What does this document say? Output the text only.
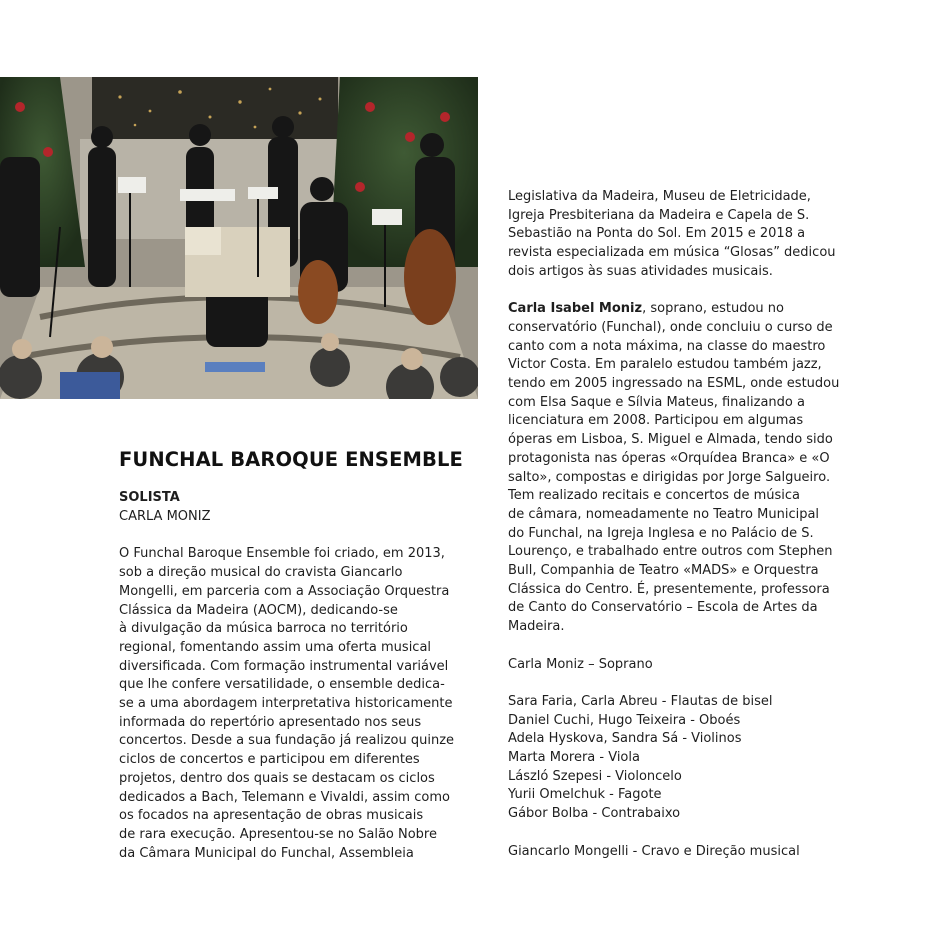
FUNCHAL BAROQUE ENSEMBLE
SOLISTA
CARLA MONIZ
O Funchal Baroque Ensemble foi criado, em 2013,
sob a direção musical do cravista Giancarlo
Mongelli, em parceria com a Associação Orquestra
Clássica da Madeira (AOCM), dedicando-se
à divulgação da música barroca no território
regional, fomentando assim uma oferta musical
diversificada. Com formação instrumental variável
que lhe confere versatilidade, o ensemble dedica-
se a uma abordagem interpretativa historicamente
informada do repertório apresentado nos seus
concertos. Desde a sua fundação já realizou quinze
ciclos de concertos e participou em diferentes
projetos, dentro dos quais se destacam os ciclos
dedicados a Bach, Telemann e Vivaldi, assim como
os focados na apresentação de obras musicais
de rara execução. Apresentou-se no Salão Nobre
da Câmara Municipal do Funchal, Assembleia
Legislativa da Madeira, Museu de Eletricidade,
Igreja Presbiteriana da Madeira e Capela de S.
Sebastião na Ponta do Sol. Em 2015 e 2018 a
revista especializada em música “Glosas” dedicou
dois artigos às suas atividades musicais.
Carla Isabel Moniz, soprano, estudou no
conservatório (Funchal), onde concluiu o curso de
canto com a nota máxima, na classe do maestro
Victor Costa. Em paralelo estudou também jazz,
tendo em 2005 ingressado na ESML, onde estudou
com Elsa Saque e Sílvia Mateus, finalizando a
licenciatura em 2008. Participou em algumas
óperas em Lisboa, S. Miguel e Almada, tendo sido
protagonista nas óperas «Orquídea Branca» e «O
salto», compostas e dirigidas por Jorge Salgueiro.
Tem realizado recitais e concertos de música
de câmara, nomeadamente no Teatro Municipal
do Funchal, na Igreja Inglesa e no Palácio de S.
Lourenço, e trabalhado entre outros com Stephen
Bull, Companhia de Teatro «MADS» e Orquestra
Clássica do Centro. É, presentemente, professora
de Canto do Conservatório – Escola de Artes da
Madeira.
Carla Moniz – Soprano
Sara Faria, Carla Abreu - Flautas de bisel
Daniel Cuchi, Hugo Teixeira - Oboés
Adela Hyskova, Sandra Sá - Violinos
Marta Morera - Viola
László Szepesi - Violoncelo
Yurii Omelchuk - Fagote
Gábor Bolba - Contrabaixo
Giancarlo Mongelli - Cravo e Direção musical
